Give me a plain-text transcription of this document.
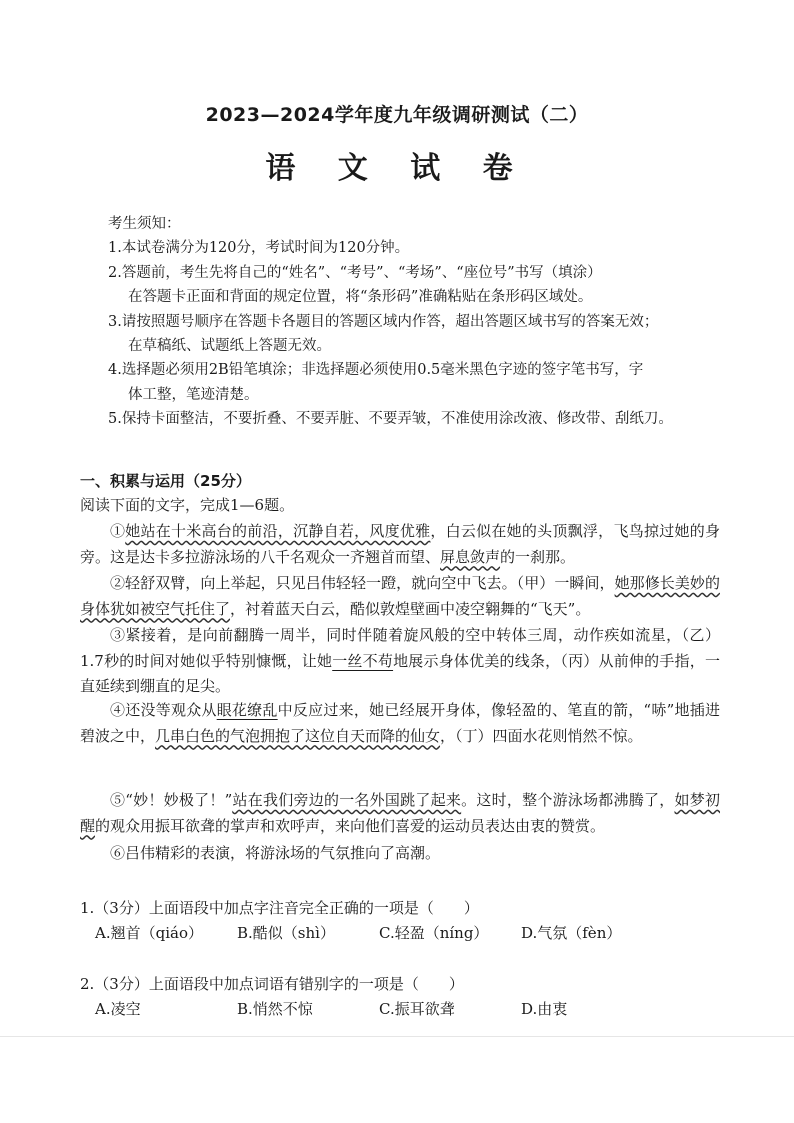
2023—2024学年度九年级调研测试（二）
语 文 试 卷
考生须知：
1.本试卷满分为120分，考试时间为120分钟。
2.答题前，考生先将自己的“姓名”、“考号”、“考场”、“座位号”书写（填涂）
在答题卡正面和背面的规定位置，将“条形码”准确粘贴在条形码区域处。
3.请按照题号顺序在答题卡各题目的答题区域内作答，超出答题区域书写的答案无效；
在草稿纸、试题纸上答题无效。
4.选择题必须用2B铅笔填涂；非选择题必须使用0.5毫米黑色字迹的签字笔书写，字
体工整，笔迹清楚。
5.保持卡面整洁，不要折叠、不要弄脏、不要弄皱，不准使用涂改液、修改带、刮纸刀。
一、积累与运用（25分）
阅读下面的文字，完成1—6题。
①她站在十米高台的前沿，沉静自若，风度优雅，白云似在她的头顶飘浮，飞鸟掠过她的身旁。这是达卡多拉游泳场的八千名观众一齐翘首而望、屏息敛声的一刹那。
②轻舒双臂，向上举起，只见吕伟轻轻一蹬，就向空中飞去。（甲）一瞬间，她那修长美妙的身体犹如被空气托住了，衬着蓝天白云，酷似敦煌壁画中凌空翱舞的“飞天”。
③紧接着，是向前翻腾一周半，同时伴随着旋风般的空中转体三周，动作疾如流星，（乙）1.7秒的时间对她似乎特别慷慨，让她一丝不苟地展示身体优美的线条，（丙）从前伸的手指，一直延续到绷直的足尖。
④还没等观众从眼花缭乱中反应过来，她已经展开身体，像轻盈的、笔直的箭，“哧”地插进碧波之中，几串白色的气泡拥抱了这位自天而降的仙女，（丁）四面水花则悄然不惊。
⑤“妙！妙极了！”站在我们旁边的一名外国跳了起来。这时，整个游泳场都沸腾了，如梦初醒的观众用振耳欲聋的掌声和欢呼声，来向他们喜爱的运动员表达由衷的赞赏。
⑥吕伟精彩的表演，将游泳场的气氛推向了高潮。
1.（3分）上面语段中加点字注音完全正确的一项是（　　）
A.翘首（qiáo）	B.酷似（shì）	C.轻盈（níng）	D.气氛（fèn）
2.（3分）上面语段中加点词语有错别字的一项是（　　）
A.凌空	B.悄然不惊	C.振耳欲聋	D.由衷
